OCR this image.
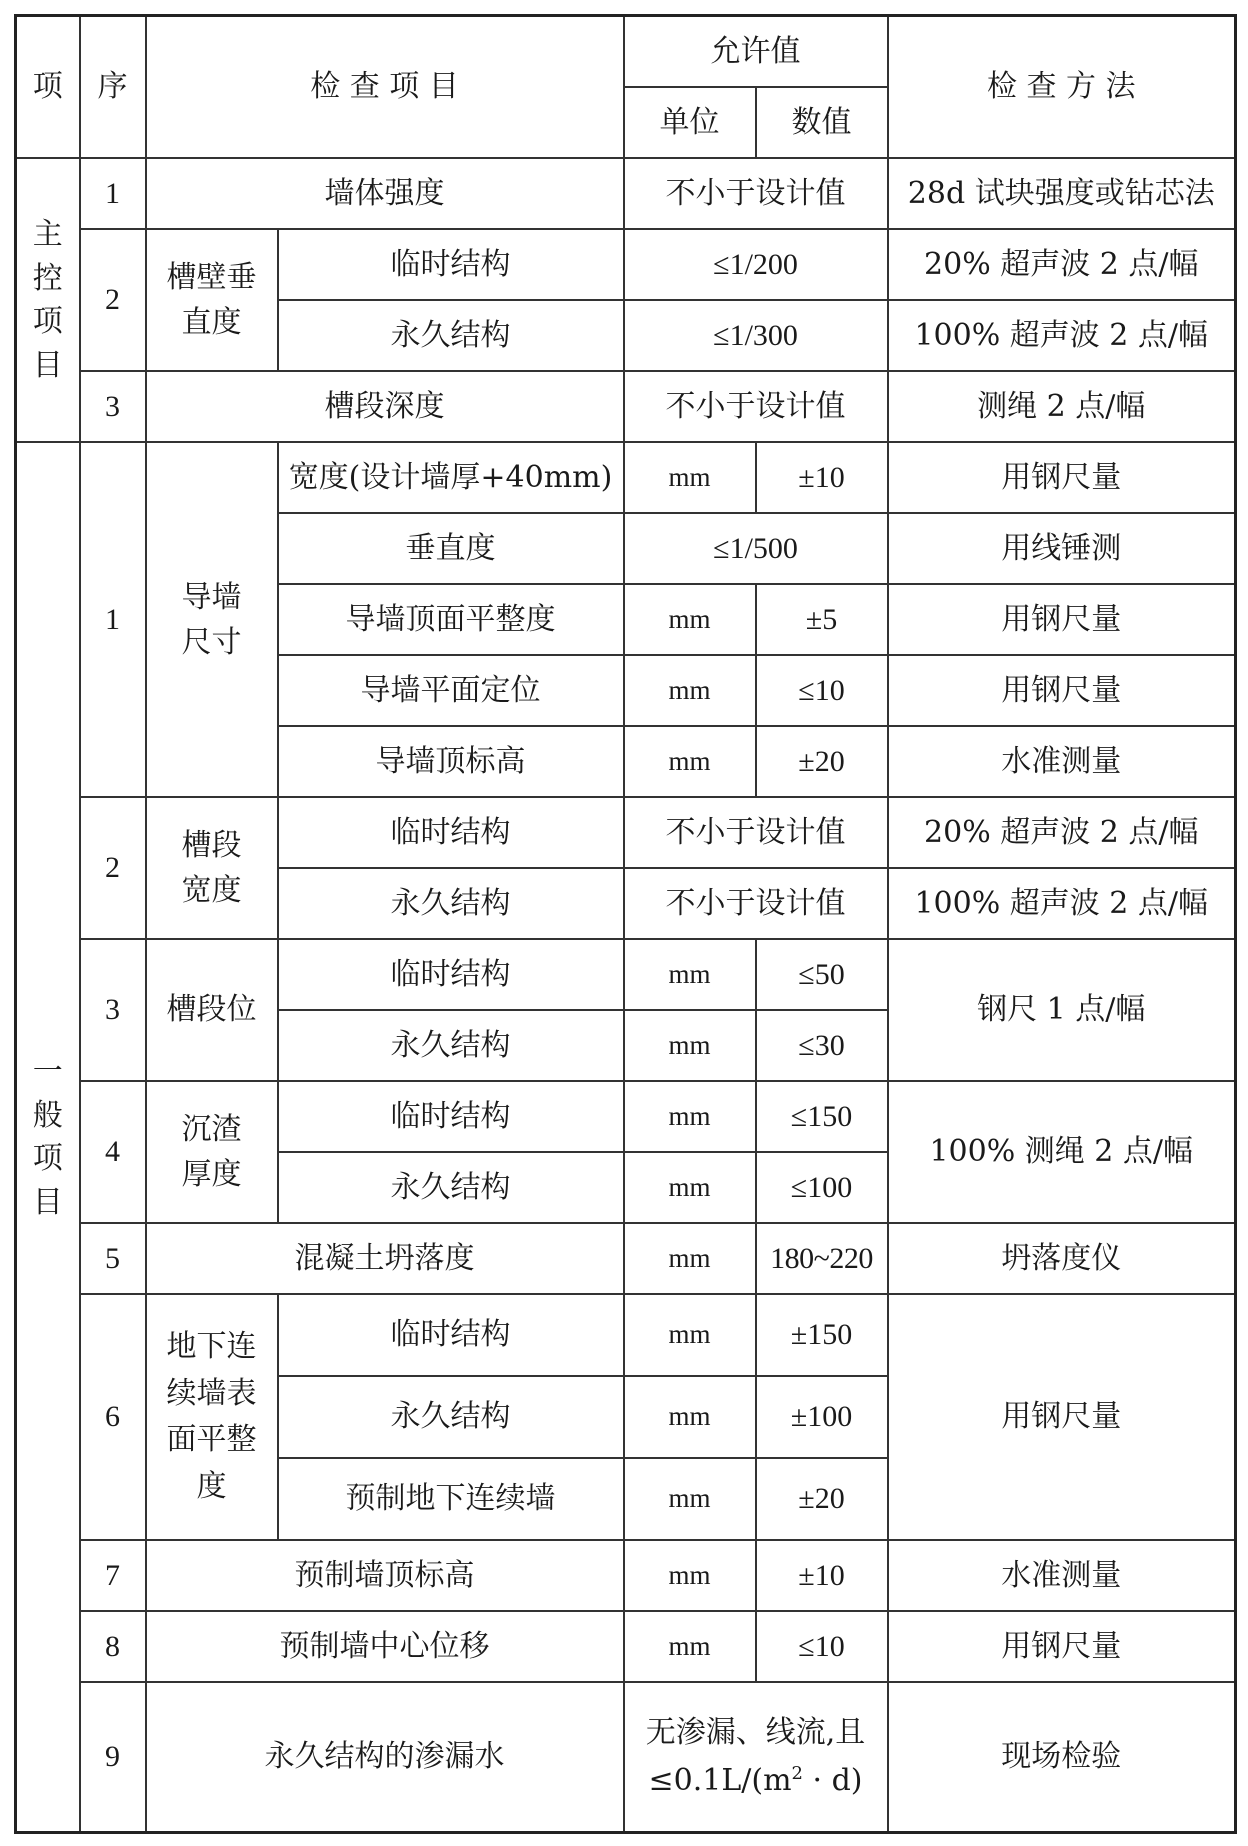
项	序	检 查 项 目		允许值		检 查 方 法
				单位	数值	
主控项目	1	墙体强度		不小于设计值		28d 试块强度或钻芯法
	2	槽壁垂直度	临时结构	≤1/200		20% 超声波 2 点/幅
			永久结构	≤1/300		100% 超声波 2 点/幅
	3	槽段深度		不小于设计值		测绳 2 点/幅
一般项目	1	导墙尺寸	宽度(设计墙厚+40mm)	mm	±10	用钢尺量
			垂直度	≤1/500		用线锤测
			导墙顶面平整度	mm	±5	用钢尺量
			导墙平面定位	mm	≤10	用钢尺量
			导墙顶标高	mm	±20	水准测量
	2	槽段宽度	临时结构	不小于设计值		20% 超声波 2 点/幅
			永久结构	不小于设计值		100% 超声波 2 点/幅
	3	槽段位	临时结构	mm	≤50	钢尺 1 点/幅
			永久结构	mm	≤30	
	4	沉渣厚度	临时结构	mm	≤150	100% 测绳 2 点/幅
			永久结构	mm	≤100	
	5	混凝土坍落度		mm	180~220	坍落度仪
	6	地下连续墙表面平整度	临时结构	mm	±150	用钢尺量
			永久结构	mm	±100	
			预制地下连续墙	mm	±20	
	7	预制墙顶标高		mm	±10	水准测量
	8	预制墙中心位移		mm	≤10	用钢尺量
	9	永久结构的渗漏水		无渗漏、线流,且
$\le 0.1L/(m^2 \cdot d)$		现场检验
